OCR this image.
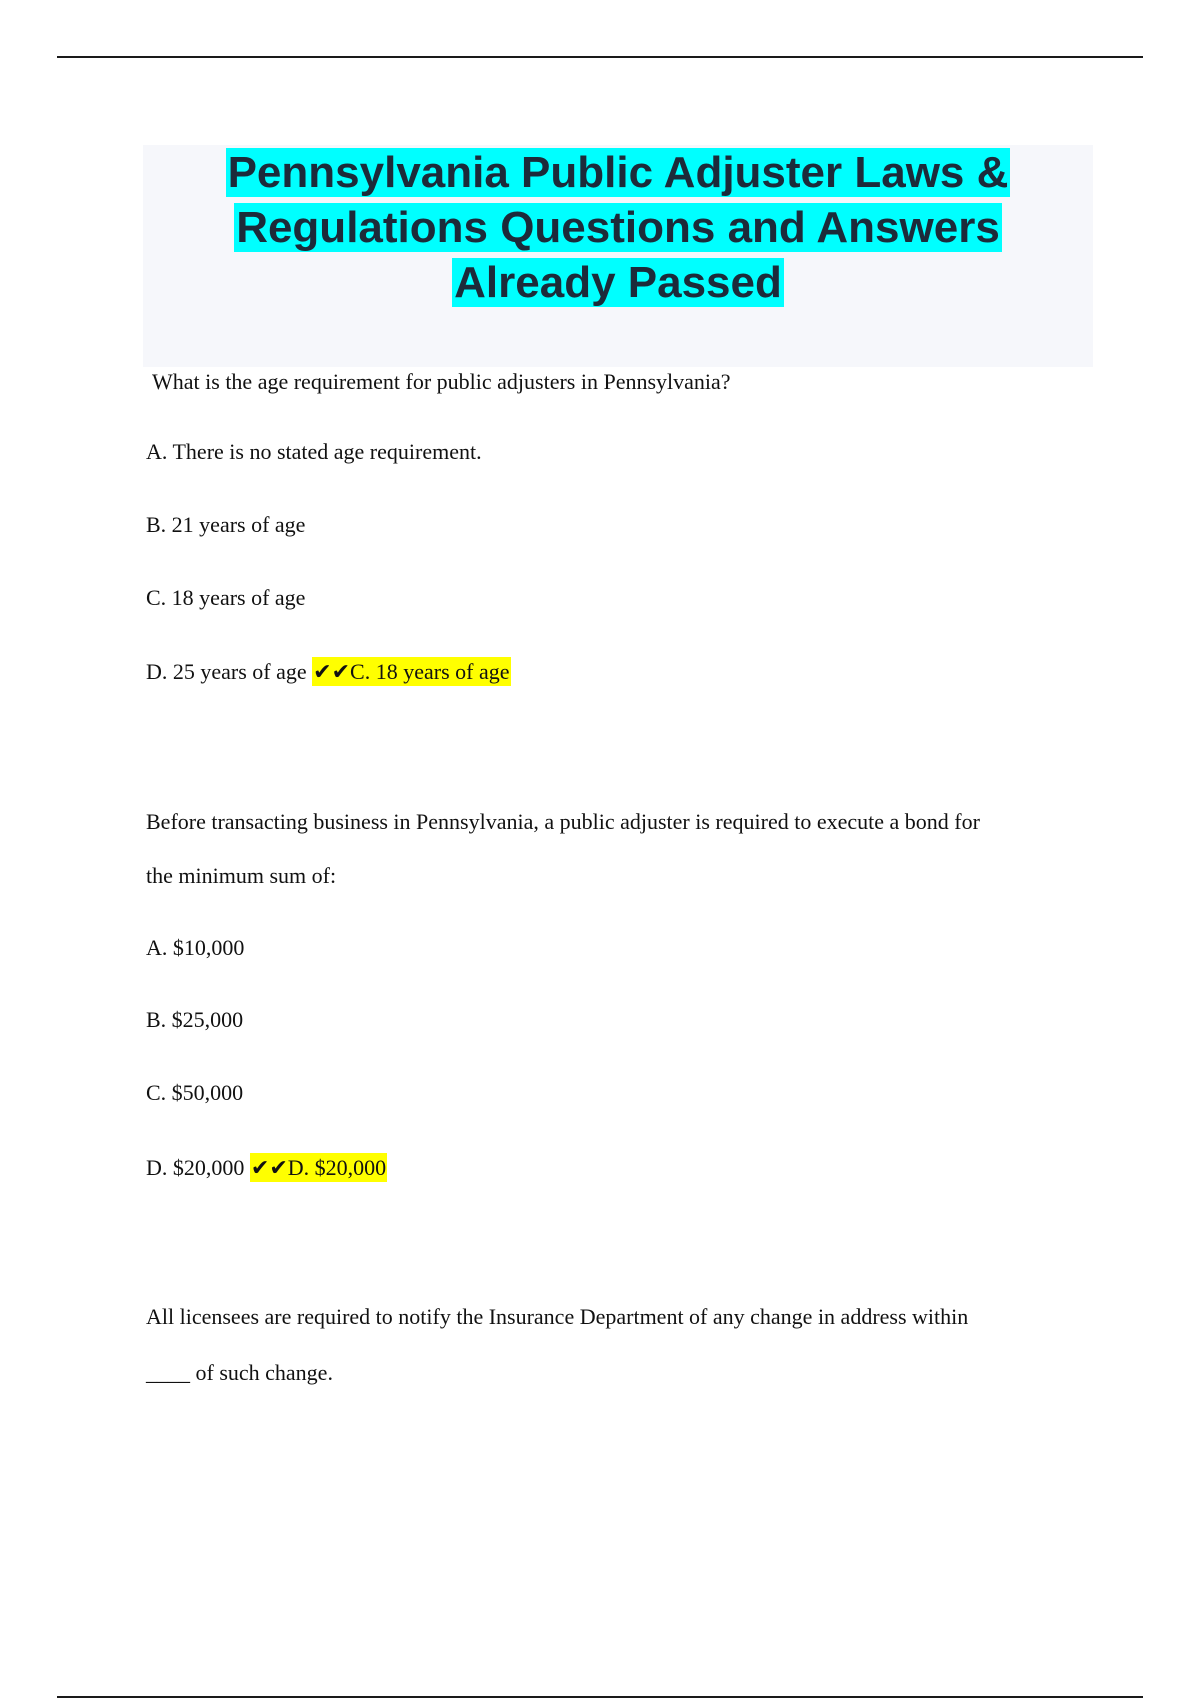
Pennsylvania Public Adjuster Laws &
Regulations Questions and Answers
Already Passed
What is the age requirement for public adjusters in Pennsylvania?
A. There is no stated age requirement.
B. 21 years of age
C. 18 years of age
D. 25 years of age ✔✔C. 18 years of age
Before transacting business in Pennsylvania, a public adjuster is required to execute a bond for
the minimum sum of:
A. $10,000
B. $25,000
C. $50,000
D. $20,000 ✔✔D. $20,000
All licensees are required to notify the Insurance Department of any change in address within
____ of such change.
